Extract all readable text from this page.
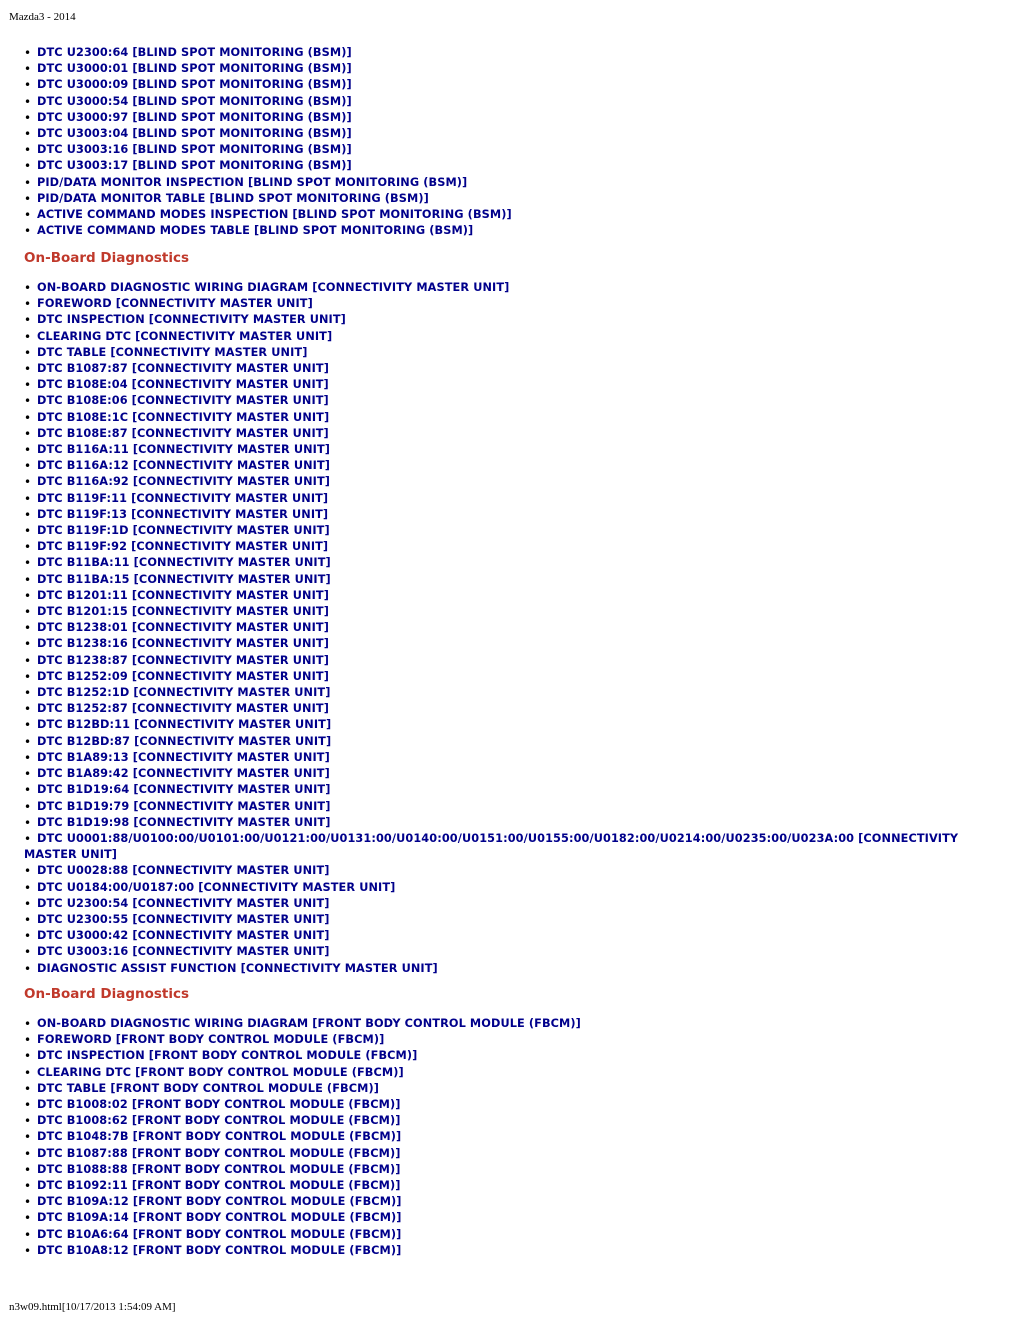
Mazda3 - 2014
• DTC U2300:64 [BLIND SPOT MONITORING (BSM)]
• DTC U3000:01 [BLIND SPOT MONITORING (BSM)]
• DTC U3000:09 [BLIND SPOT MONITORING (BSM)]
• DTC U3000:54 [BLIND SPOT MONITORING (BSM)]
• DTC U3000:97 [BLIND SPOT MONITORING (BSM)]
• DTC U3003:04 [BLIND SPOT MONITORING (BSM)]
• DTC U3003:16 [BLIND SPOT MONITORING (BSM)]
• DTC U3003:17 [BLIND SPOT MONITORING (BSM)]
• PID/DATA MONITOR INSPECTION [BLIND SPOT MONITORING (BSM)]
• PID/DATA MONITOR TABLE [BLIND SPOT MONITORING (BSM)]
• ACTIVE COMMAND MODES INSPECTION [BLIND SPOT MONITORING (BSM)]
• ACTIVE COMMAND MODES TABLE [BLIND SPOT MONITORING (BSM)]
On-Board Diagnostics
• ON-BOARD DIAGNOSTIC WIRING DIAGRAM [CONNECTIVITY MASTER UNIT]
• FOREWORD [CONNECTIVITY MASTER UNIT]
• DTC INSPECTION [CONNECTIVITY MASTER UNIT]
• CLEARING DTC [CONNECTIVITY MASTER UNIT]
• DTC TABLE [CONNECTIVITY MASTER UNIT]
• DTC B1087:87 [CONNECTIVITY MASTER UNIT]
• DTC B108E:04 [CONNECTIVITY MASTER UNIT]
• DTC B108E:06 [CONNECTIVITY MASTER UNIT]
• DTC B108E:1C [CONNECTIVITY MASTER UNIT]
• DTC B108E:87 [CONNECTIVITY MASTER UNIT]
• DTC B116A:11 [CONNECTIVITY MASTER UNIT]
• DTC B116A:12 [CONNECTIVITY MASTER UNIT]
• DTC B116A:92 [CONNECTIVITY MASTER UNIT]
• DTC B119F:11 [CONNECTIVITY MASTER UNIT]
• DTC B119F:13 [CONNECTIVITY MASTER UNIT]
• DTC B119F:1D [CONNECTIVITY MASTER UNIT]
• DTC B119F:92 [CONNECTIVITY MASTER UNIT]
• DTC B11BA:11 [CONNECTIVITY MASTER UNIT]
• DTC B11BA:15 [CONNECTIVITY MASTER UNIT]
• DTC B1201:11 [CONNECTIVITY MASTER UNIT]
• DTC B1201:15 [CONNECTIVITY MASTER UNIT]
• DTC B1238:01 [CONNECTIVITY MASTER UNIT]
• DTC B1238:16 [CONNECTIVITY MASTER UNIT]
• DTC B1238:87 [CONNECTIVITY MASTER UNIT]
• DTC B1252:09 [CONNECTIVITY MASTER UNIT]
• DTC B1252:1D [CONNECTIVITY MASTER UNIT]
• DTC B1252:87 [CONNECTIVITY MASTER UNIT]
• DTC B12BD:11 [CONNECTIVITY MASTER UNIT]
• DTC B12BD:87 [CONNECTIVITY MASTER UNIT]
• DTC B1A89:13 [CONNECTIVITY MASTER UNIT]
• DTC B1A89:42 [CONNECTIVITY MASTER UNIT]
• DTC B1D19:64 [CONNECTIVITY MASTER UNIT]
• DTC B1D19:79 [CONNECTIVITY MASTER UNIT]
• DTC B1D19:98 [CONNECTIVITY MASTER UNIT]
• DTC U0001:88/U0100:00/U0101:00/U0121:00/U0131:00/U0140:00/U0151:00/U0155:00/U0182:00/U0214:00/U0235:00/U023A:00 [CONNECTIVITY MASTER UNIT]
• DTC U0028:88 [CONNECTIVITY MASTER UNIT]
• DTC U0184:00/U0187:00 [CONNECTIVITY MASTER UNIT]
• DTC U2300:54 [CONNECTIVITY MASTER UNIT]
• DTC U2300:55 [CONNECTIVITY MASTER UNIT]
• DTC U3000:42 [CONNECTIVITY MASTER UNIT]
• DTC U3003:16 [CONNECTIVITY MASTER UNIT]
• DIAGNOSTIC ASSIST FUNCTION [CONNECTIVITY MASTER UNIT]
On-Board Diagnostics
• ON-BOARD DIAGNOSTIC WIRING DIAGRAM [FRONT BODY CONTROL MODULE (FBCM)]
• FOREWORD [FRONT BODY CONTROL MODULE (FBCM)]
• DTC INSPECTION [FRONT BODY CONTROL MODULE (FBCM)]
• CLEARING DTC [FRONT BODY CONTROL MODULE (FBCM)]
• DTC TABLE [FRONT BODY CONTROL MODULE (FBCM)]
• DTC B1008:02 [FRONT BODY CONTROL MODULE (FBCM)]
• DTC B1008:62 [FRONT BODY CONTROL MODULE (FBCM)]
• DTC B1048:7B [FRONT BODY CONTROL MODULE (FBCM)]
• DTC B1087:88 [FRONT BODY CONTROL MODULE (FBCM)]
• DTC B1088:88 [FRONT BODY CONTROL MODULE (FBCM)]
• DTC B1092:11 [FRONT BODY CONTROL MODULE (FBCM)]
• DTC B109A:12 [FRONT BODY CONTROL MODULE (FBCM)]
• DTC B109A:14 [FRONT BODY CONTROL MODULE (FBCM)]
• DTC B10A6:64 [FRONT BODY CONTROL MODULE (FBCM)]
• DTC B10A8:12 [FRONT BODY CONTROL MODULE (FBCM)]
n3w09.html[10/17/2013 1:54:09 AM]
